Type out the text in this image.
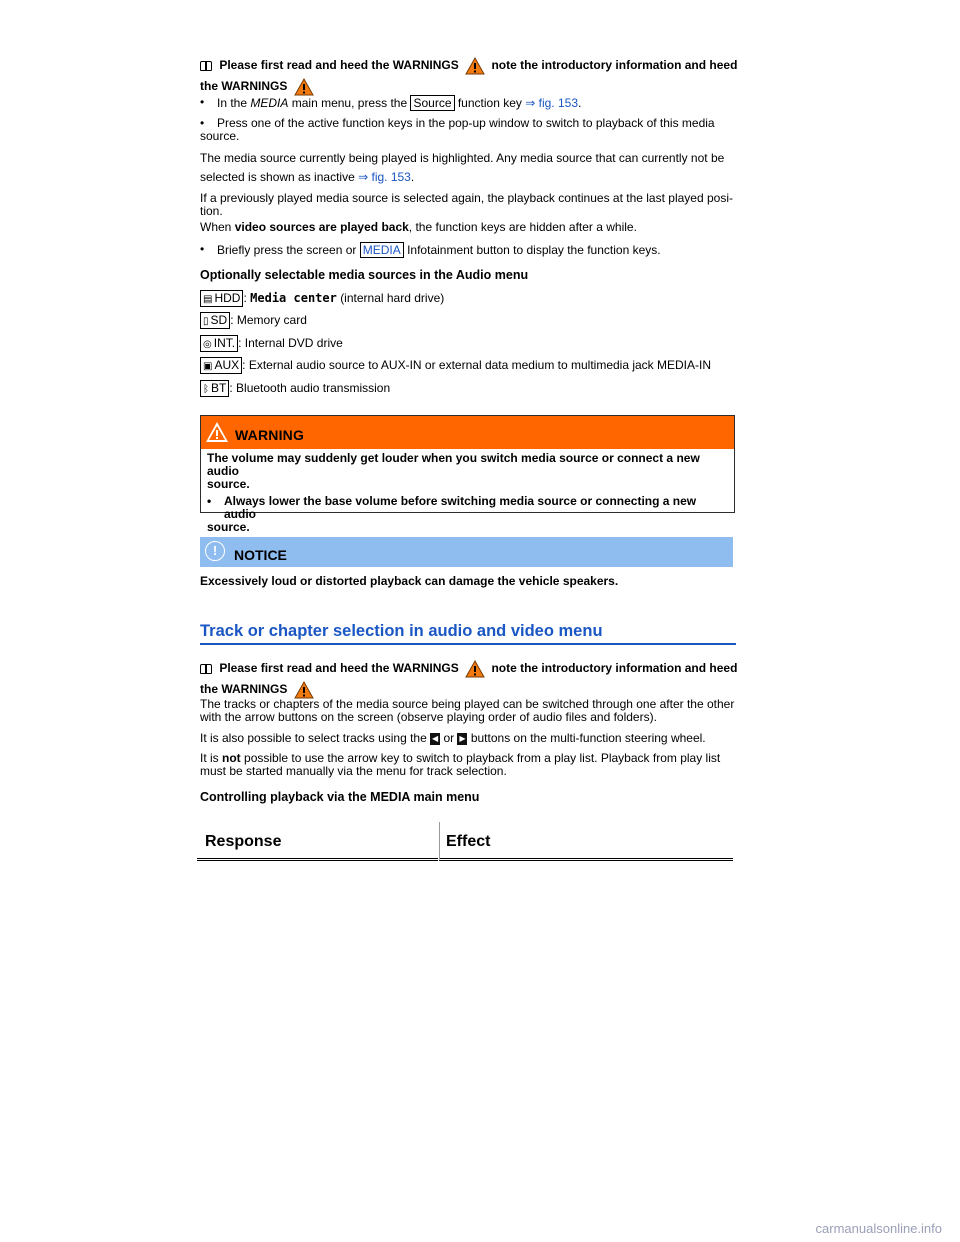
Please first read and heed the WARNINGS	note the introductory information and heed
the WARNINGS
•	In the MEDIA main menu, press the Source function key ⇒ fig. 153.
•	Press one of the active function keys in the pop-up window to switch to playback of this media
source.
The media source currently being played is highlighted. Any media source that can currently not be
selected is shown as inactive ⇒ fig. 153.
If a previously played media source is selected again, the playback continues at the last played posi-
tion.
When video sources are played back, the function keys are hidden after a while.
•	Briefly press the screen or MEDIA Infotainment button to display the function keys.
Optionally selectable media sources in the Audio menu
▤ HDD : Media center (internal hard drive)
▯ SD : Memory card
◎ INT. : Internal DVD drive
▣ AUX : External audio source to AUX-IN or external data medium to multimedia jack MEDIA-IN
ᛒ BT : Bluetooth audio transmission
WARNING
The volume may suddenly get louder when you switch media source or connect a new audio
source.
•	Always lower the base volume before switching media source or connecting a new audio
source.
!	NOTICE
Excessively loud or distorted playback can damage the vehicle speakers.
Track or chapter selection in audio and video menu
Please first read and heed the WARNINGS	note the introductory information and heed
the WARNINGS
The tracks or chapters of the media source being played can be switched through one after the other
with the arrow buttons on the screen (observe playing order of audio files and folders).
It is also possible to select tracks using the ◀ or ▶ buttons on the multi-function steering wheel.
It is not possible to use the arrow key to switch to playback from a play list. Playback from play list
must be started manually via the menu for track selection.
Controlling playback via the MEDIA main menu
Response	Effect
carmanualsonline.info
